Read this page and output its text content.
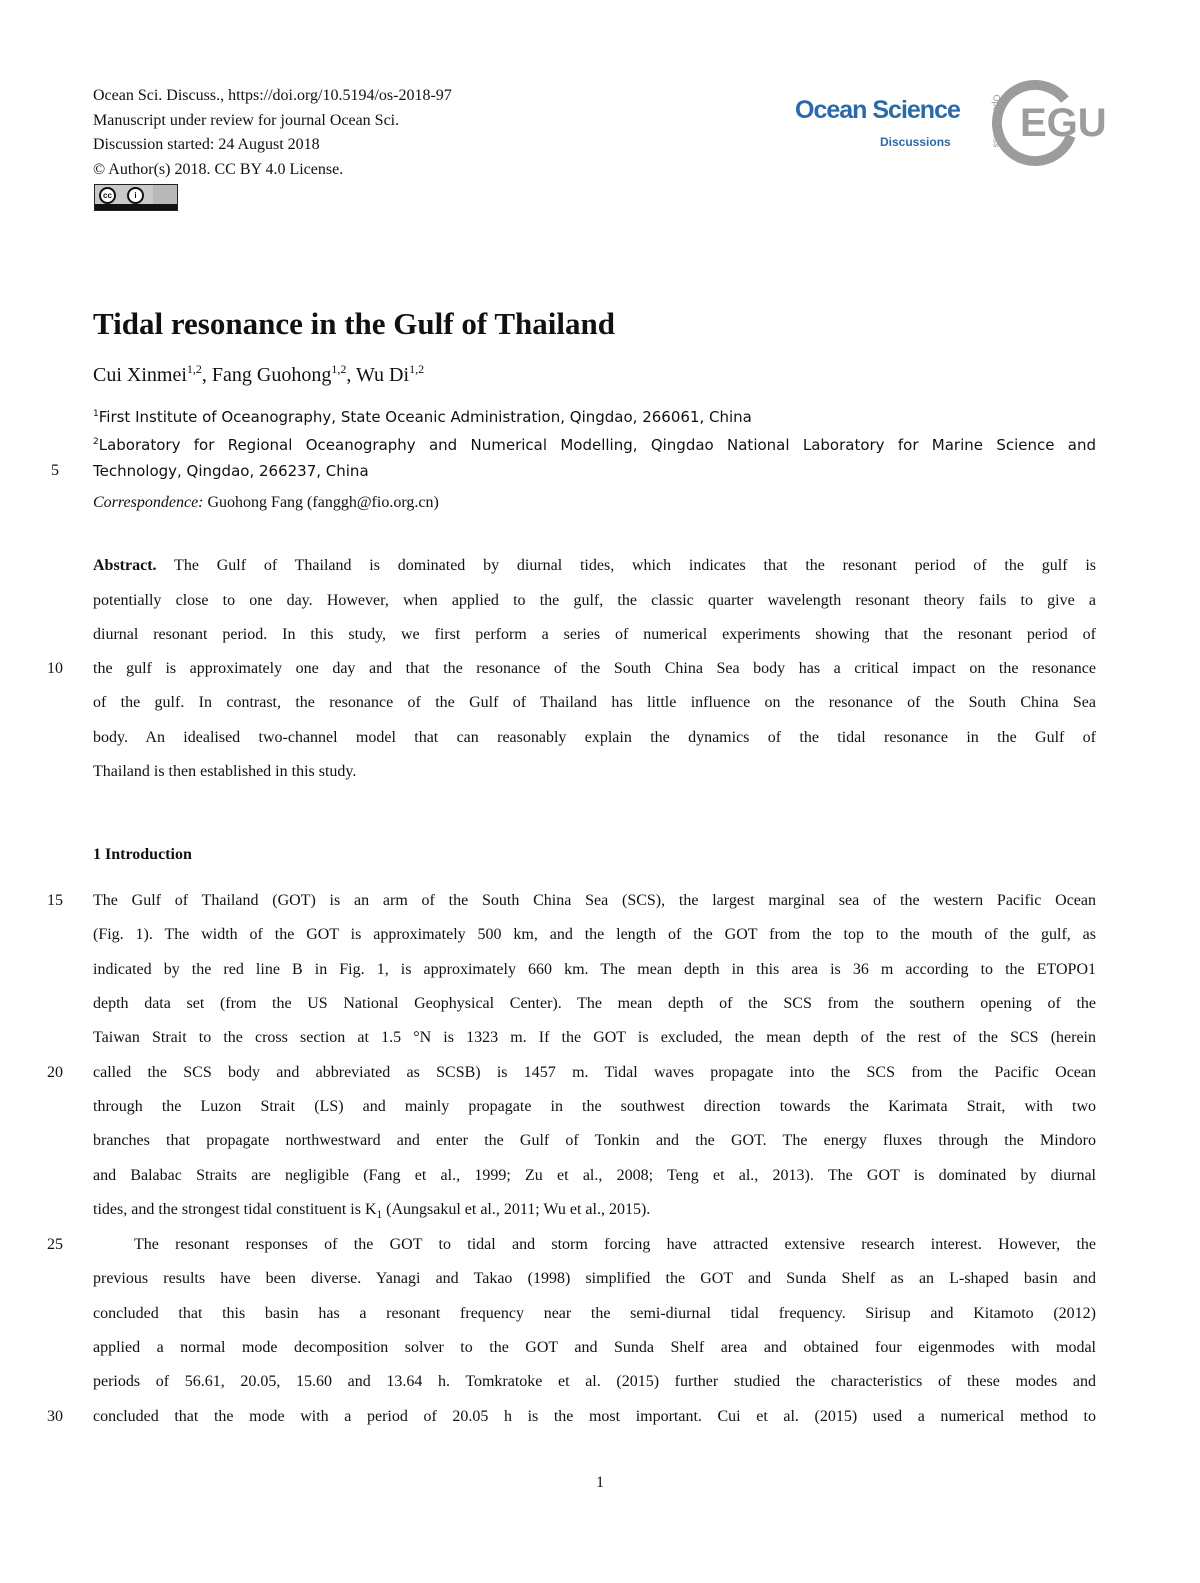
Ocean Sci. Discuss., https://doi.org/10.5194/os-2018-97
Manuscript under review for journal Ocean Sci.
Discussion started: 24 August 2018
© Author(s) 2018. CC BY 4.0 License.
cc	i
Ocean Science
Discussions	Open Access EGU
Tidal resonance in the Gulf of Thailand
Cui Xinmei$^{1,2}$, Fang Guohong$^{1,2}$, Wu Di$^{1,2}$
$^1$First Institute of Oceanography, State Oceanic Administration, Qingdao, 266061, China
$^2$Laboratory for Regional Oceanography and Numerical Modelling, Qingdao National Laboratory for Marine Science and
Technology, Qingdao, 266237, China
Correspondence: Guohong Fang (fanggh@fio.org.cn)
Abstract. The Gulf of Thailand is dominated by diurnal tides, which indicates that the resonant period of the gulf is
potentially close to one day. However, when applied to the gulf, the classic quarter wavelength resonant theory fails to give a
diurnal resonant period. In this study, we first perform a series of numerical experiments showing that the resonant period of
the gulf is approximately one day and that the resonance of the South China Sea body has a critical impact on the resonance
of the gulf. In contrast, the resonance of the Gulf of Thailand has little influence on the resonance of the South China Sea
body. An idealised two-channel model that can reasonably explain the dynamics of the tidal resonance in the Gulf of
Thailand is then established in this study.
1 Introduction
The Gulf of Thailand (GOT) is an arm of the South China Sea (SCS), the largest marginal sea of the western Pacific Ocean
(Fig. 1). The width of the GOT is approximately 500 km, and the length of the GOT from the top to the mouth of the gulf, as
indicated by the red line B in Fig. 1, is approximately 660 km. The mean depth in this area is 36 m according to the ETOPO1
depth data set (from the US National Geophysical Center). The mean depth of the SCS from the southern opening of the
Taiwan Strait to the cross section at 1.5 °N is 1323 m. If the GOT is excluded, the mean depth of the rest of the SCS (herein
called the SCS body and abbreviated as SCSB) is 1457 m. Tidal waves propagate into the SCS from the Pacific Ocean
through the Luzon Strait (LS) and mainly propagate in the southwest direction towards the Karimata Strait, with two
branches that propagate northwestward and enter the Gulf of Tonkin and the GOT. The energy fluxes through the Mindoro
and Balabac Straits are negligible (Fang et al., 1999; Zu et al., 2008; Teng et al., 2013). The GOT is dominated by diurnal
tides, and the strongest tidal constituent is $K_1$ (Aungsakul et al., 2011; Wu et al., 2015).
The resonant responses of the GOT to tidal and storm forcing have attracted extensive research interest. However, the
previous results have been diverse. Yanagi and Takao (1998) simplified the GOT and Sunda Shelf as an L-shaped basin and
concluded that this basin has a resonant frequency near the semi-diurnal tidal frequency. Sirisup and Kitamoto (2012)
applied a normal mode decomposition solver to the GOT and Sunda Shelf area and obtained four eigenmodes with modal
periods of 56.61, 20.05, 15.60 and 13.64 h. Tomkratoke et al. (2015) further studied the characteristics of these modes and
concluded that the mode with a period of 20.05 h is the most important. Cui et al. (2015) used a numerical method to
5
10
15
20
25
30
1
